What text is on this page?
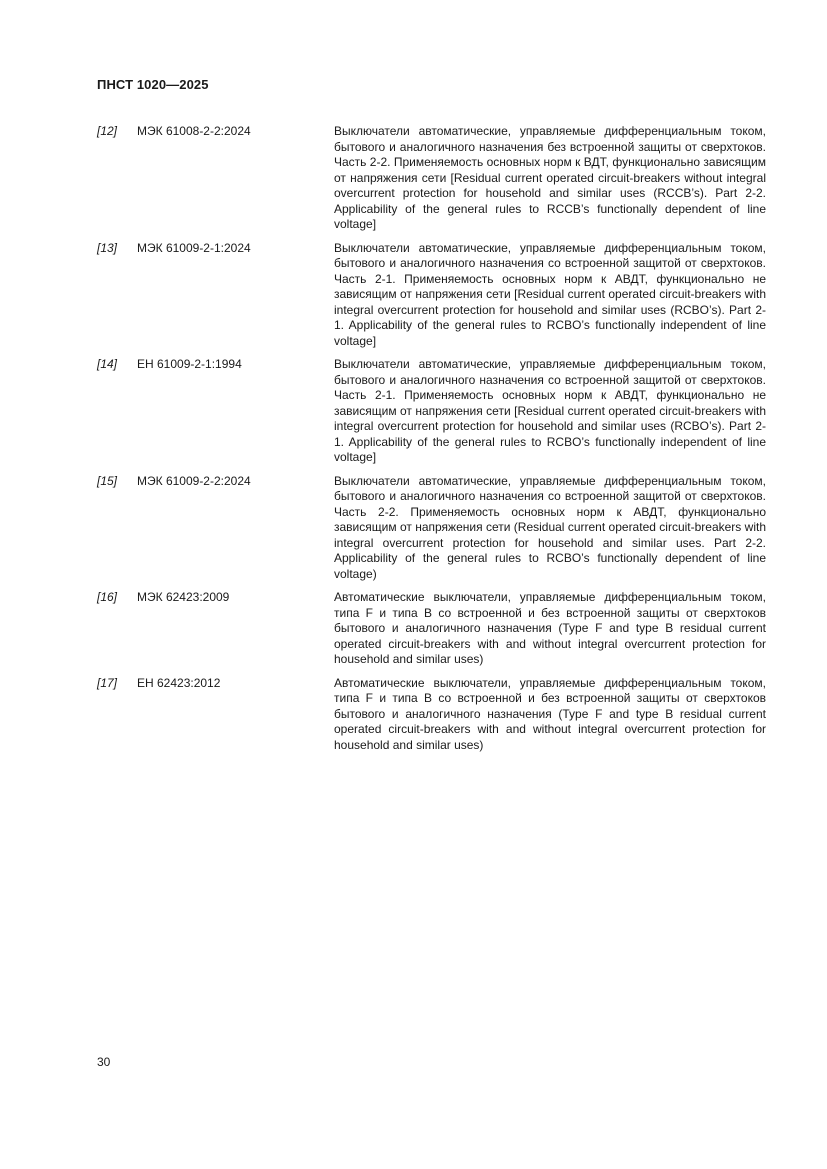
ПНСТ 1020—2025
[12] МЭК 61008-2-2:2024	Выключатели автоматические, управляемые дифференциальным током, бытового и аналогичного назначения без встроенной защиты от сверхтоков. Часть 2-2. Применяемость основных норм к ВДТ, функционально зависящим от напряжения сети [Residual current operated circuit-breakers without integral overcurrent protection for household and similar uses (RCCB’s). Part 2-2. Applicability of the general rules to RCCB’s functionally dependent of line voltage]
[13] МЭК 61009-2-1:2024	Выключатели автоматические, управляемые дифференциальным током, бытового и аналогичного назначения со встроенной защитой от сверхтоков. Часть 2-1. Применяемость основных норм к АВДТ, функционально не зависящим от напряжения сети [Residual current operated circuit-breakers with integral overcurrent protection for household and similar uses (RCBO’s). Part 2-1. Applicability of the general rules to RCBO’s functionally independent of line voltage]
[14] ЕН 61009-2-1:1994	Выключатели автоматические, управляемые дифференциальным током, бытового и аналогичного назначения со встроенной защитой от сверхтоков. Часть 2-1. Применяемость основных норм к АВДТ, функционально не зависящим от напряжения сети [Residual current operated circuit-breakers with integral overcurrent protection for household and similar uses (RCBO’s). Part 2-1. Applicability of the general rules to RCBO’s functionally independent of line voltage]
[15] МЭК 61009-2-2:2024	Выключатели автоматические, управляемые дифференциальным током, бытового и аналогичного назначения со встроенной защитой от сверхтоков. Часть 2-2. Применяемость основных норм к АВДТ, функционально зависящим от напряжения сети (Residual current operated circuit-breakers with integral overcurrent protection for household and similar uses. Part 2-2. Applicability of the general rules to RCBO’s functionally dependent of line voltage)
[16] МЭК 62423:2009	Автоматические выключатели, управляемые дифференциальным током, типа F и типа В со встроенной и без встроенной защиты от сверхтоков бытового и аналогичного назначения (Type F and type B residual current operated circuit-breakers with and without integral overcurrent protection for household and similar uses)
[17] ЕН 62423:2012	Автоматические выключатели, управляемые дифференциальным током, типа F и типа В со встроенной и без встроенной защиты от сверхтоков бытового и аналогичного назначения (Type F and type B residual current operated circuit-breakers with and without integral overcurrent protection for household and similar uses)
30
